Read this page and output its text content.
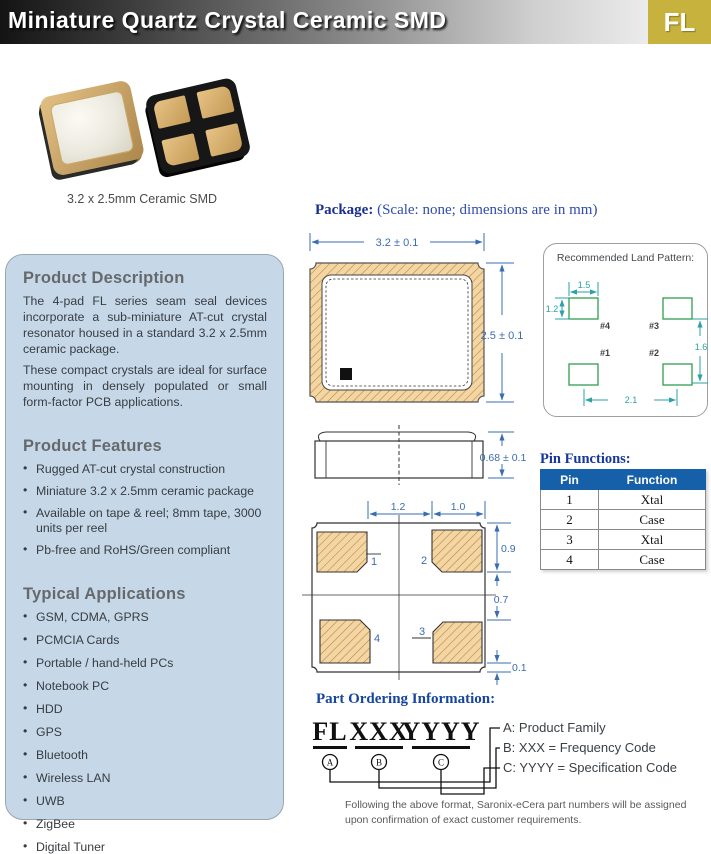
Miniature Quartz Crystal Ceramic SMD	FL
3.2 x 2.5mm Ceramic SMD
Product Description

The 4-pad FL series seam seal devices incorporate a sub-miniature AT-cut crystal resonator housed in a standard 3.2 x 2.5mm ceramic package.

These compact crystals are ideal for surface mounting in densely populated or small form-factor PCB applications.

Product Features
• Rugged AT-cut crystal construction
• Miniature 3.2 x 2.5mm ceramic package
• Available on tape & reel; 8mm tape, 3000 units per reel
• Pb-free and RoHS/Green compliant
Typical Applications
• GSM, CDMA, GPRS
• PCMCIA Cards
• Portable / hand-held PCs
• Notebook PC
• HDD
• GPS
• Bluetooth
• Wireless LAN
• UWB
• ZigBee
• Digital Tuner
Package: (Scale: none; dimensions are in mm)
3.2 ± 0.1
2.5 ± 0.1
0.68 ± 0.1
1.2	1.0
1	2
4
3
0.9
0.7
0.1
Recommended Land Pattern:
#4	#3
#1	#2
1.5
1.2
1.6
2.1
Pin Functions:
Pin	Function
1	Xtal
2	Case
3	Xtal
4	Case
Part Ordering Information:
FL XXX
YYYY
A	B	C
A: Product Family
B: XXX = Frequency Code
C: YYYY = Specification Code
Following the above format, Saronix-eCera part numbers will be assigned upon confirmation of exact customer requirements.
